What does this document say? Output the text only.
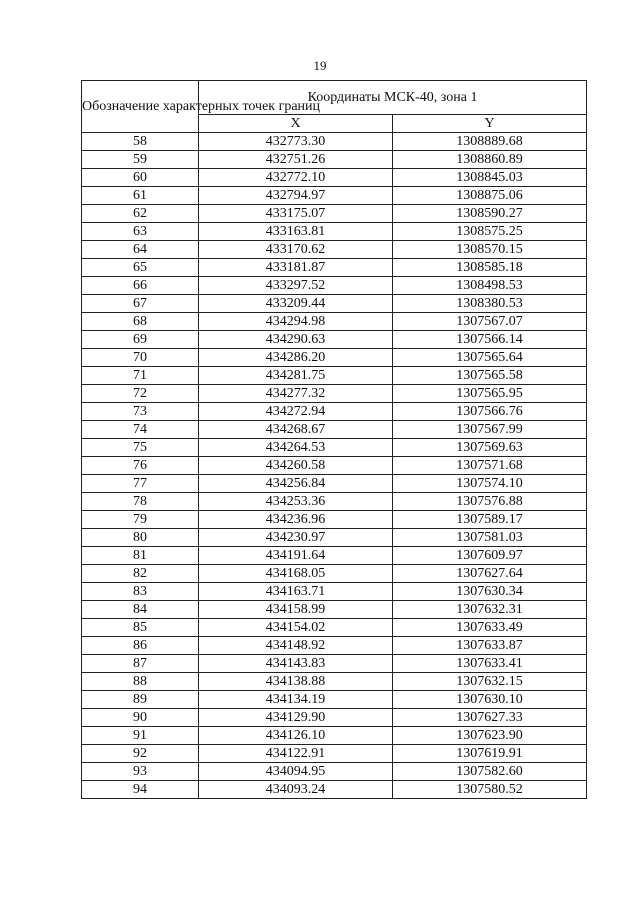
19
Обозначение характерных точек границ	Координаты МСК-40, зона 1	
	X	Y
58	432773.30	1308889.68
59	432751.26	1308860.89
60	432772.10	1308845.03
61	432794.97	1308875.06
62	433175.07	1308590.27
63	433163.81	1308575.25
64	433170.62	1308570.15
65	433181.87	1308585.18
66	433297.52	1308498.53
67	433209.44	1308380.53
68	434294.98	1307567.07
69	434290.63	1307566.14
70	434286.20	1307565.64
71	434281.75	1307565.58
72	434277.32	1307565.95
73	434272.94	1307566.76
74	434268.67	1307567.99
75	434264.53	1307569.63
76	434260.58	1307571.68
77	434256.84	1307574.10
78	434253.36	1307576.88
79	434236.96	1307589.17
80	434230.97	1307581.03
81	434191.64	1307609.97
82	434168.05	1307627.64
83	434163.71	1307630.34
84	434158.99	1307632.31
85	434154.02	1307633.49
86	434148.92	1307633.87
87	434143.83	1307633.41
88	434138.88	1307632.15
89	434134.19	1307630.10
90	434129.90	1307627.33
91	434126.10	1307623.90
92	434122.91	1307619.91
93	434094.95	1307582.60
94	434093.24	1307580.52
